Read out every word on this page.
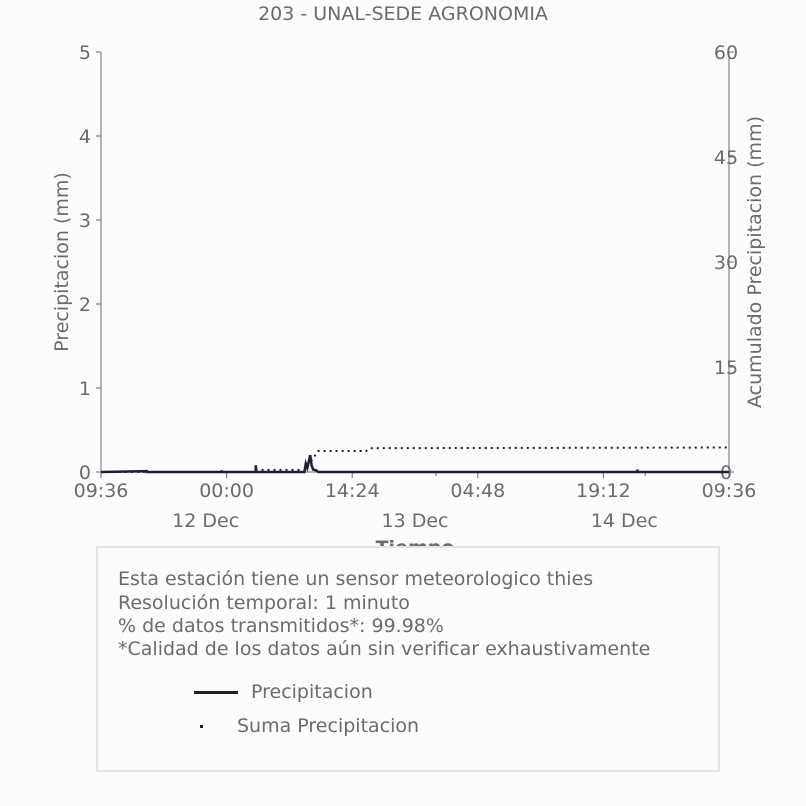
0
1
2
3
4
5
0
15
30
45
60
09:36	00:00	14:24	04:48	19:12	09:36
12 Dec	13 Dec	14 Dec
Precipitacion (mm)	Acumulado Precipitacion (mm)
203 - UNAL-SEDE AGRONOMIA
Esta estación tiene un sensor meteorologico thies
Resolución temporal: 1 minuto
% de datos transmitidos*: 99.98%
*Calidad de los datos aún sin verificar exhaustivamente
Precipitacion
Suma Precipitacion
